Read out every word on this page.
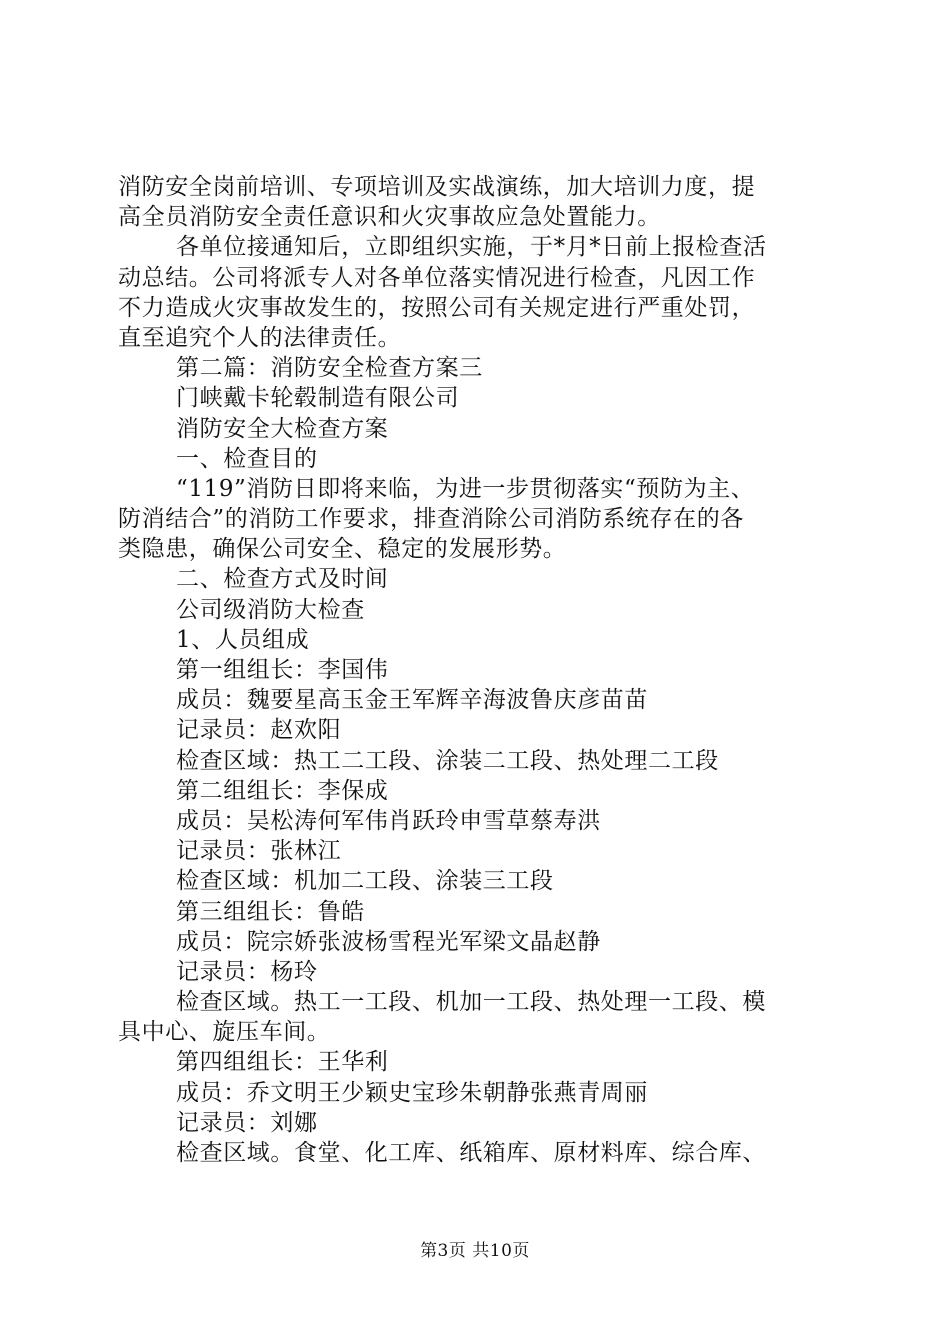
消防安全岗前培训、专项培训及实战演练，加大培训力度，提
高全员消防安全责任意识和火灾事故应急处置能力。
各单位接通知后，立即组织实施，于*月*日前上报检查活
动总结。公司将派专人对各单位落实情况进行检查，凡因工作
不力造成火灾事故发生的，按照公司有关规定进行严重处罚，
直至追究个人的法律责任。
第二篇：消防安全检查方案三
门峡戴卡轮毂制造有限公司
消防安全大检查方案
一、检查目的
“119”消防日即将来临，为进一步贯彻落实“预防为主、
防消结合”的消防工作要求，排查消除公司消防系统存在的各
类隐患，确保公司安全、稳定的发展形势。
二、检查方式及时间
公司级消防大检查
1、人员组成
第一组组长：李国伟
成员：魏要星高玉金王军辉辛海波鲁庆彦苗苗
记录员：赵欢阳
检查区域：热工二工段、涂装二工段、热处理二工段
第二组组长：李保成
成员：吴松涛何军伟肖跃玲申雪草蔡寿洪
记录员：张林江
检查区域：机加二工段、涂装三工段
第三组组长：鲁皓
成员：院宗娇张波杨雪程光军梁文晶赵静
记录员：杨玲
检查区域。热工一工段、机加一工段、热处理一工段、模
具中心、旋压车间。
第四组组长：王华利
成员：乔文明王少颖史宝珍朱朝静张燕青周丽
记录员：刘娜
检查区域。食堂、化工库、纸箱库、原材料库、综合库、
第3页 共10页
